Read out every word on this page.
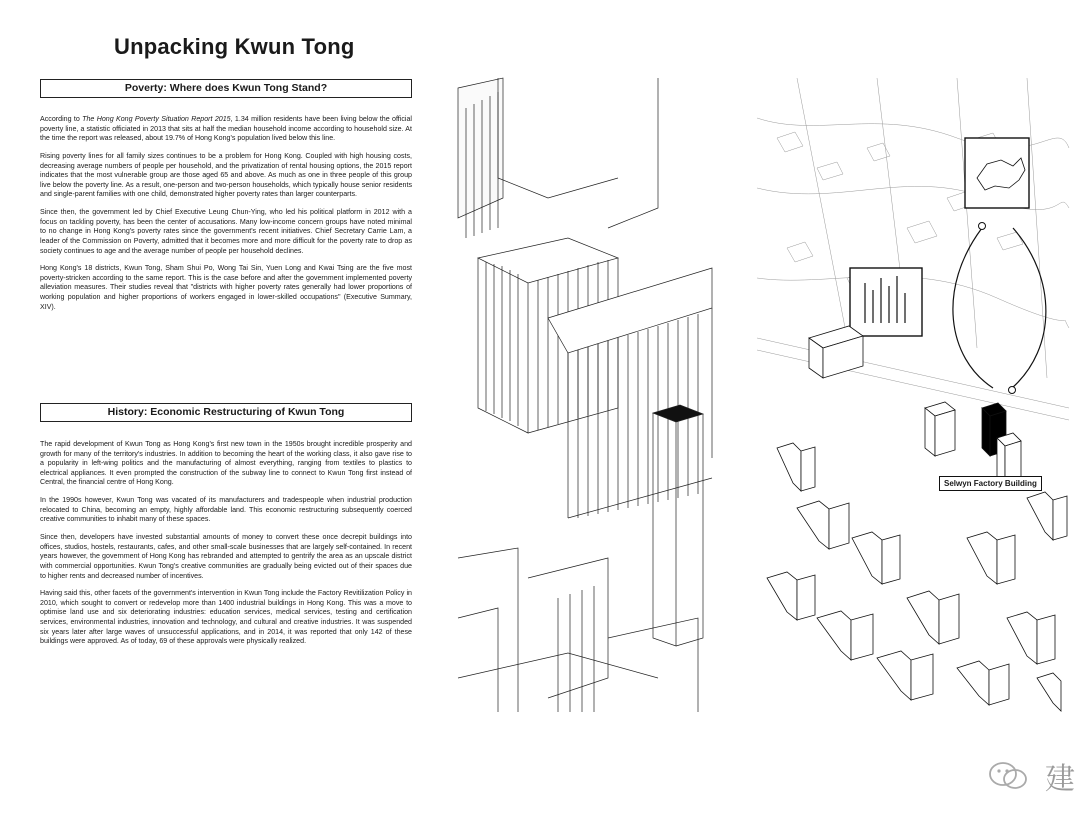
Unpacking Kwun Tong
Poverty: Where does Kwun Tong Stand?

According to The Hong Kong Poverty Situation Report 2015, 1.34 million residents have been living below the official poverty line, a statistic officiated in 2013 that sits at half the median household income according to household size. At the time the report was released, about 19.7% of Hong Kong's population lived below this line.

Rising poverty lines for all family sizes continues to be a problem for Hong Kong. Coupled with high housing costs, decreasing average numbers of people per household, and the privatization of rental housing options, the 2015 report indicates that the most vulnerable group are those aged 65 and above. As much as one in three people of this group live below the poverty line. As a result, one-person and two-person households, which typically house senior residents and single-parent families with one child, demonstrated higher poverty rates than larger counterparts.

Since then, the government led by Chief Executive Leung Chun-Ying, who led his political platform in 2012 with a focus on tackling poverty, has been the center of accusations. Many low-income concern groups have noted minimal to no change in Hong Kong's poverty rates since the government's recent initiatives. Chief Secretary Carrie Lam, a leader of the Commission on Poverty, admitted that it becomes more and more difficult for the poverty rate to drop as society continues to age and the average number of people per household declines.

Hong Kong's 18 districts, Kwun Tong, Sham Shui Po, Wong Tai Sin, Yuen Long and Kwai Tsing are the five most poverty-stricken according to the same report. This is the case before and after the government implemented poverty alleviation measures. Their studies reveal that "districts with higher poverty rates generally had lower proportions of working population and higher proportions of workers engaged in lower-skilled occupations" (Executive Summary, XIV).

History: Economic Restructuring of Kwun Tong

The rapid development of Kwun Tong as Hong Kong's first new town in the 1950s brought incredible prosperity and growth for many of the territory's industries. In addition to becoming the heart of the working class, it also gave rise to a popularity in left-wing politics and the manufacturing of almost everything, ranging from textiles to plastics to electrical appliances. It even prompted the construction of the subway line to connect to Kwun Tong first instead of Central, the financial centre of Hong Kong.

In the 1990s however, Kwun Tong was vacated of its manufacturers and tradespeople when industrial production relocated to China, becoming an empty, highly affordable land. This economic restructuring subsequently coerced creative communities to inhabit many of these spaces.

Since then, developers have invested substantial amounts of money to convert these once decrepit buildings into offices, studios, hostels, restaurants, cafes, and other small-scale businesses that are largely self-contained. In recent years however, the government of Hong Kong has rebranded and attempted to gentrify the area as an upscale district with commercial opportunities. Kwun Tong's creative communities are gradually being evicted out of their spaces due to higher rents and decreased number of incentives.

Having said this, other facets of the government's intervention in Kwun Tong include the Factory Revitilization Policy in 2010, which sought to convert or redevelop more than 1400 industrial buildings in Hong Kong. This was a move to optimise land use and six deteriorating industries: education services, medical services, testing and certification services, environmental industries, innovation and technology, and cultural and creative industries. It was suspended six years later after large waves of unsuccessful applications, and in 2014, it was reported that only 142 of these buildings were approved. As of today, 69 of these approvals were physically realized.

Selwyn Factory Building
建
